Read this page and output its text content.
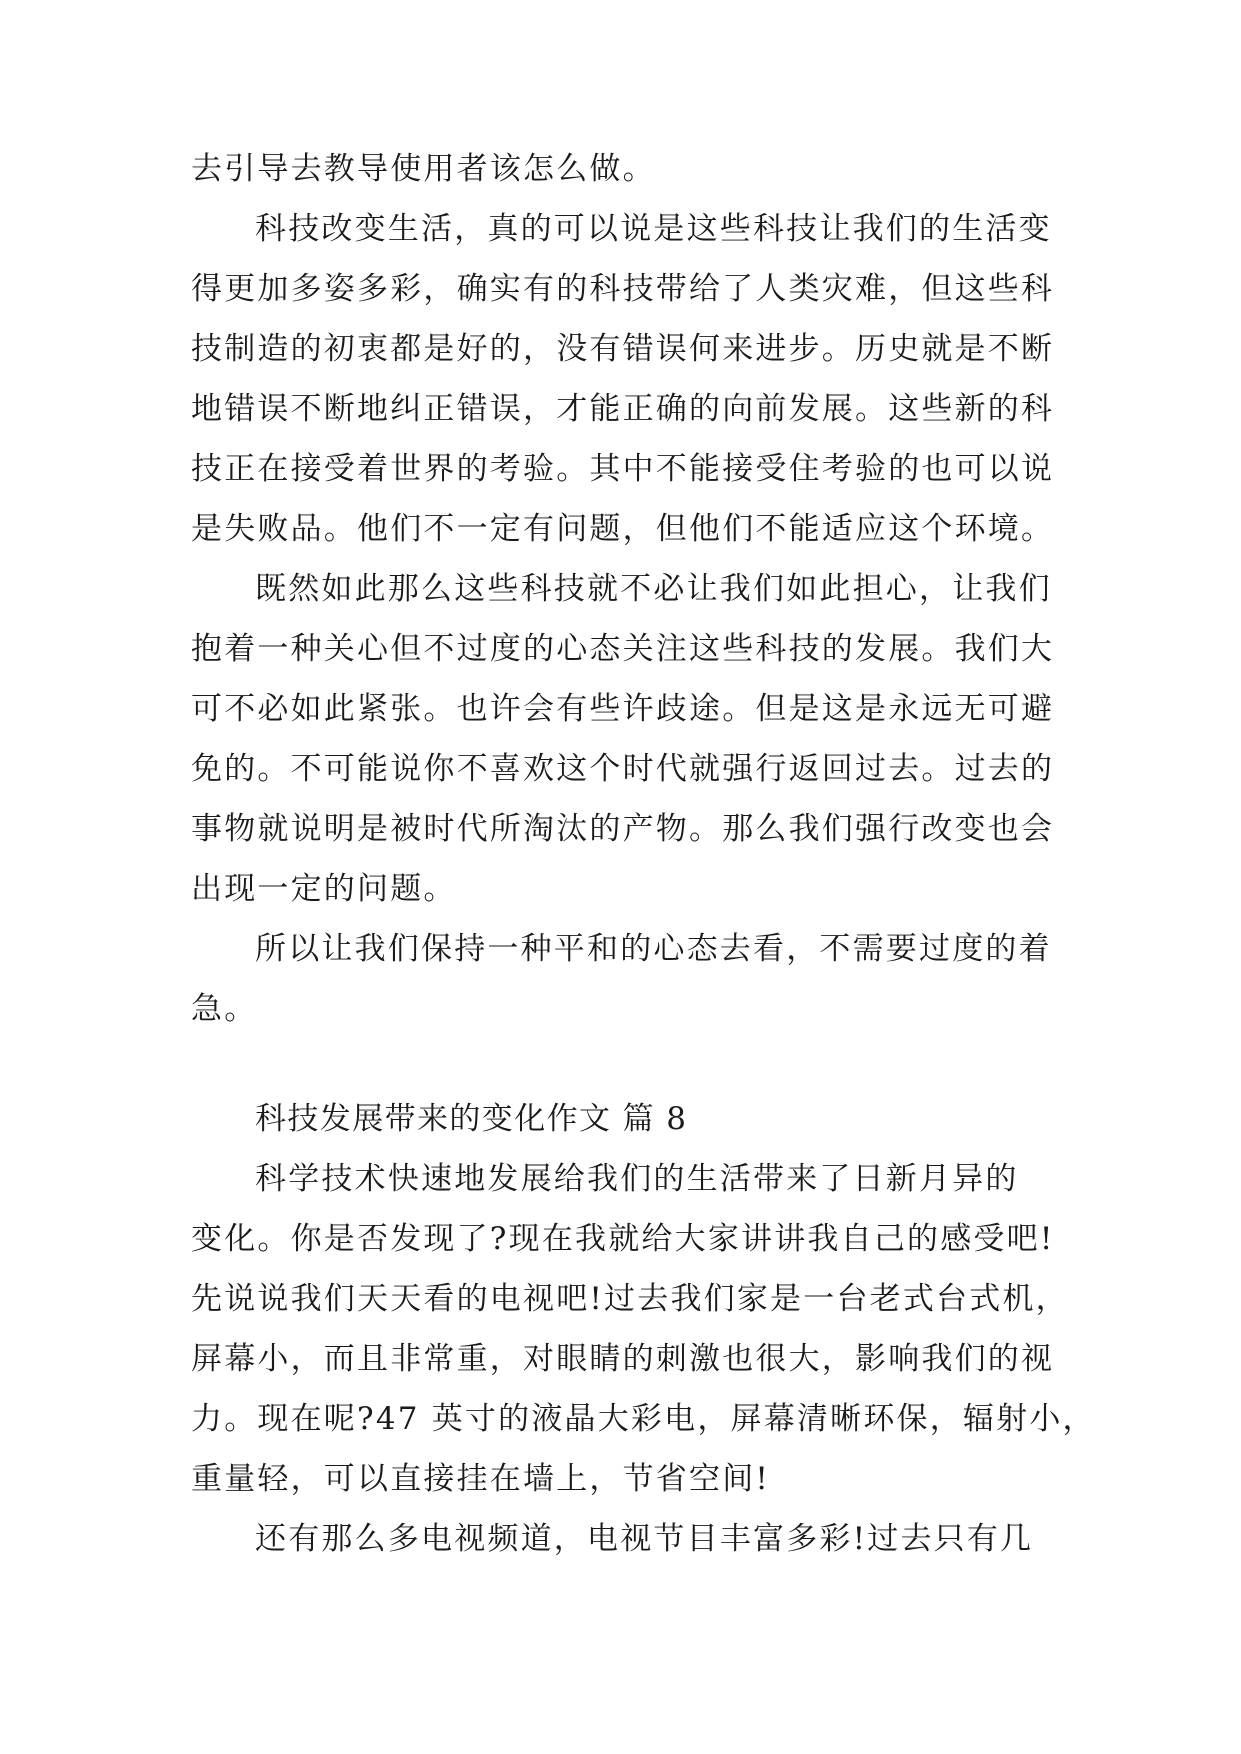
去引导去教导使用者该怎么做。
科技改变生活，真的可以说是这些科技让我们的生活变
得更加多姿多彩，确实有的科技带给了人类灾难，但这些科
技制造的初衷都是好的，没有错误何来进步。历史就是不断
地错误不断地纠正错误，才能正确的向前发展。这些新的科
技正在接受着世界的考验。其中不能接受住考验的也可以说
是失败品。他们不一定有问题，但他们不能适应这个环境。
既然如此那么这些科技就不必让我们如此担心，让我们
抱着一种关心但不过度的心态关注这些科技的发展。我们大
可不必如此紧张。也许会有些许歧途。但是这是永远无可避
免的。不可能说你不喜欢这个时代就强行返回过去。过去的
事物就说明是被时代所淘汰的产物。那么我们强行改变也会
出现一定的问题。
所以让我们保持一种平和的心态去看，不需要过度的着
急。
科技发展带来的变化作文 篇 8
科学技术快速地发展给我们的生活带来了日新月异的
变化。你是否发现了?现在我就给大家讲讲我自己的感受吧!
先说说我们天天看的电视吧!过去我们家是一台老式台式机，
屏幕小，而且非常重，对眼睛的刺激也很大，影响我们的视
力。现在呢?47 英寸的液晶大彩电，屏幕清晰环保，辐射小，
重量轻，可以直接挂在墙上，节省空间!
还有那么多电视频道，电视节目丰富多彩!过去只有几
